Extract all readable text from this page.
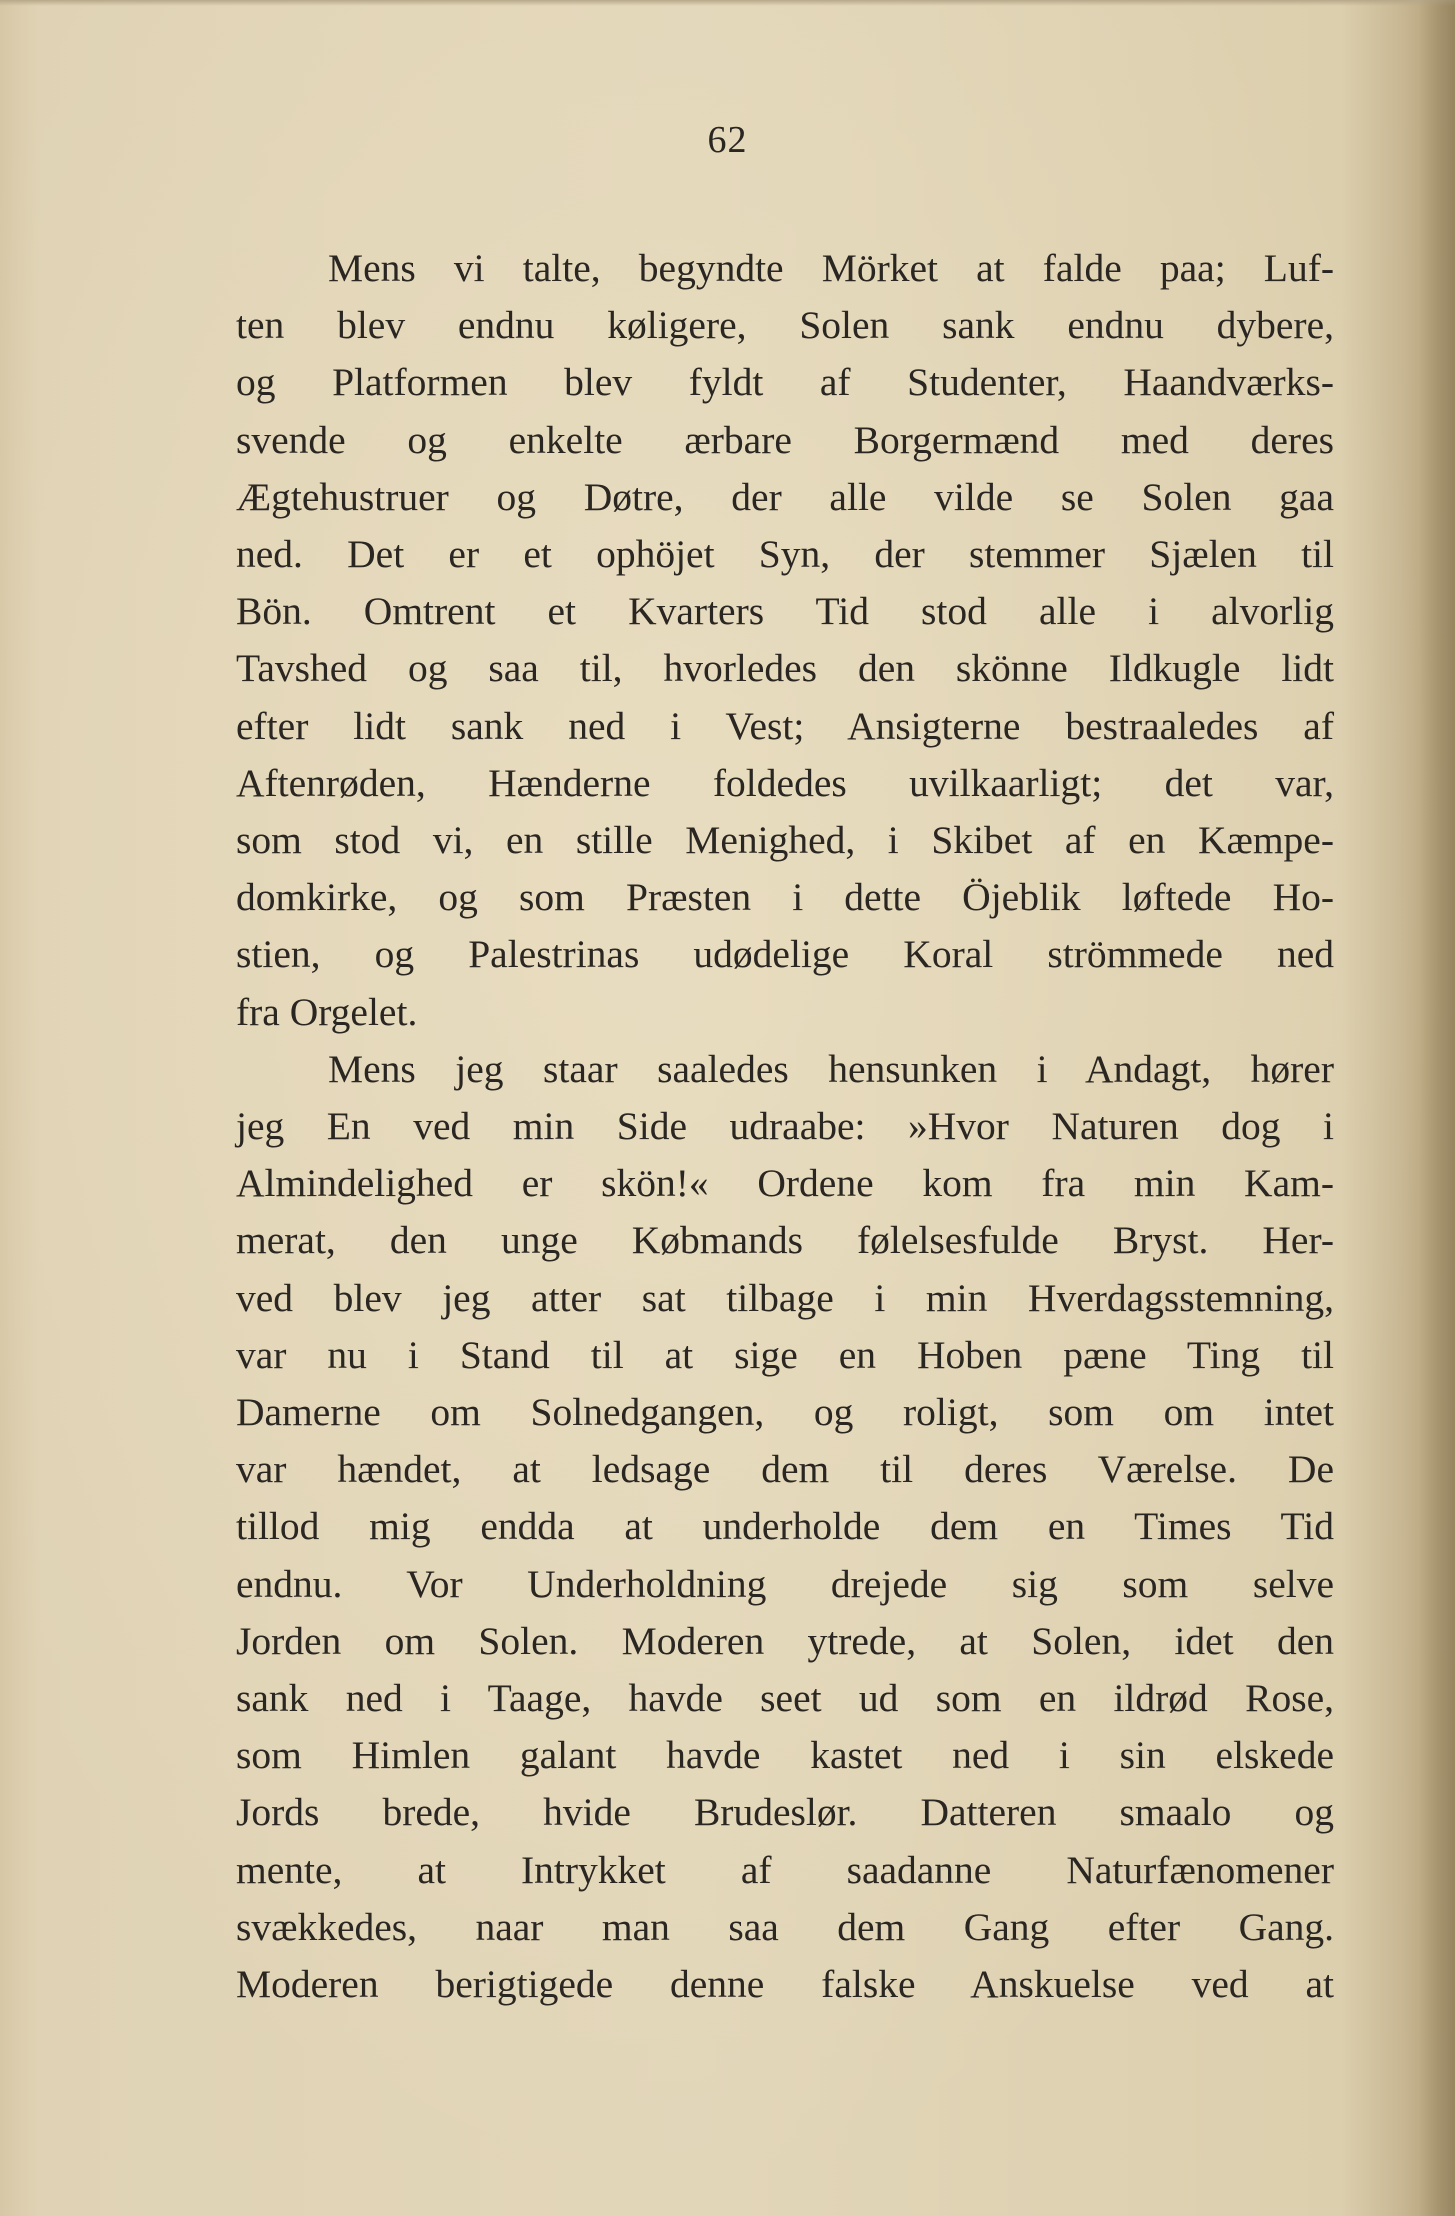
62
Mens vi talte, begyndte Mörket at falde paa; Luf-
ten blev endnu køligere, Solen sank endnu dybere,
og Platformen blev fyldt af Studenter, Haandværks-
svende og enkelte ærbare Borgermænd med deres
Ægtehustruer og Døtre, der alle vilde se Solen gaa
ned. Det er et ophöjet Syn, der stemmer Sjælen til
Bön. Omtrent et Kvarters Tid stod alle i alvorlig
Tavshed og saa til, hvorledes den skönne Ildkugle lidt
efter lidt sank ned i Vest; Ansigterne bestraaledes af
Aftenrøden, Hænderne foldedes uvilkaarligt; det var,
som stod vi, en stille Menighed, i Skibet af en Kæmpe-
domkirke, og som Præsten i dette Öjeblik løftede Ho-
stien, og Palestrinas udødelige Koral strömmede ned
fra Orgelet.
Mens jeg staar saaledes hensunken i Andagt, hører
jeg En ved min Side udraabe: »Hvor Naturen dog i
Almindelighed er skön!« Ordene kom fra min Kam-
merat, den unge Købmands følelsesfulde Bryst. Her-
ved blev jeg atter sat tilbage i min Hverdagsstemning,
var nu i Stand til at sige en Hoben pæne Ting til
Damerne om Solnedgangen, og roligt, som om intet
var hændet, at ledsage dem til deres Værelse. De
tillod mig endda at underholde dem en Times Tid
endnu. Vor Underholdning drejede sig som selve
Jorden om Solen. Moderen ytrede, at Solen, idet den
sank ned i Taage, havde seet ud som en ildrød Rose,
som Himlen galant havde kastet ned i sin elskede
Jords brede, hvide Brudeslør. Datteren smaalo og
mente, at Intrykket af saadanne Naturfænomener
svækkedes, naar man saa dem Gang efter Gang.
Moderen berigtigede denne falske Anskuelse ved at
